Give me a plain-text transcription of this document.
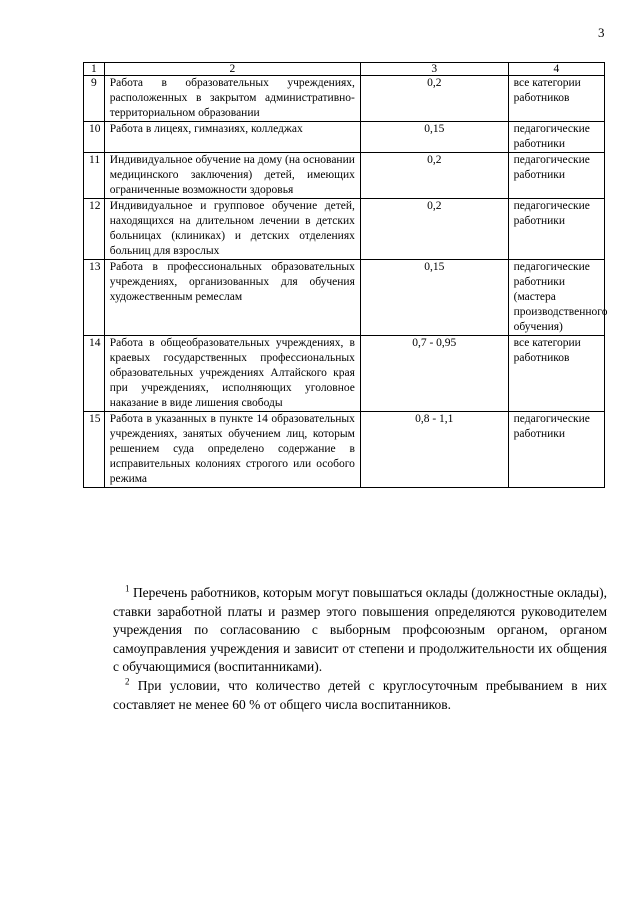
3
1	2	3	4
9	Работа в образовательных учреждениях, расположенных в закрытом административно-территориальном образовании	0,2	все категории работников
10	Работа в лицеях, гимназиях, колледжах	0,15	педагогические работники
11	Индивидуальное обучение на дому (на основании медицинского заключения) детей, имеющих ограниченные возможности здоровья	0,2	педагогические работники
12	Индивидуальное и групповое обучение детей, находящихся на длительном лечении в детских больницах (клиниках) и детских отделениях больниц для взрослых	0,2	педагогические работники
13	Работа в профессиональных образовательных учреждениях, организованных для обучения художественным ремеслам	0,15	педагогические работники (мастера производственного обучения)
14	Работа в общеобразовательных учреждениях, в краевых государственных профессиональных образовательных учреждениях Алтайского края при учреждениях, исполняющих уголовное наказание в виде лишения свободы	0,7 - 0,95	все категории работников
15	Работа в указанных в пункте 14 образовательных учреждениях, занятых обучением лиц, которым решением суда определено содержание в исправительных колониях строгого или особого режима	0,8 - 1,1	педагогические работники

$^1$ Перечень работников, которым могут повышаться оклады (должностные оклады), ставки заработной платы и размер этого повышения определяются руководителем учреждения по согласованию с выборным профсоюзным органом, органом самоуправления учреждения и зависит от степени и продолжительности их общения с обучающимися (воспитанниками).

$^2$ При условии, что количество детей с круглосуточным пребыванием в них составляет не менее 60 % от общего числа воспитанников.
